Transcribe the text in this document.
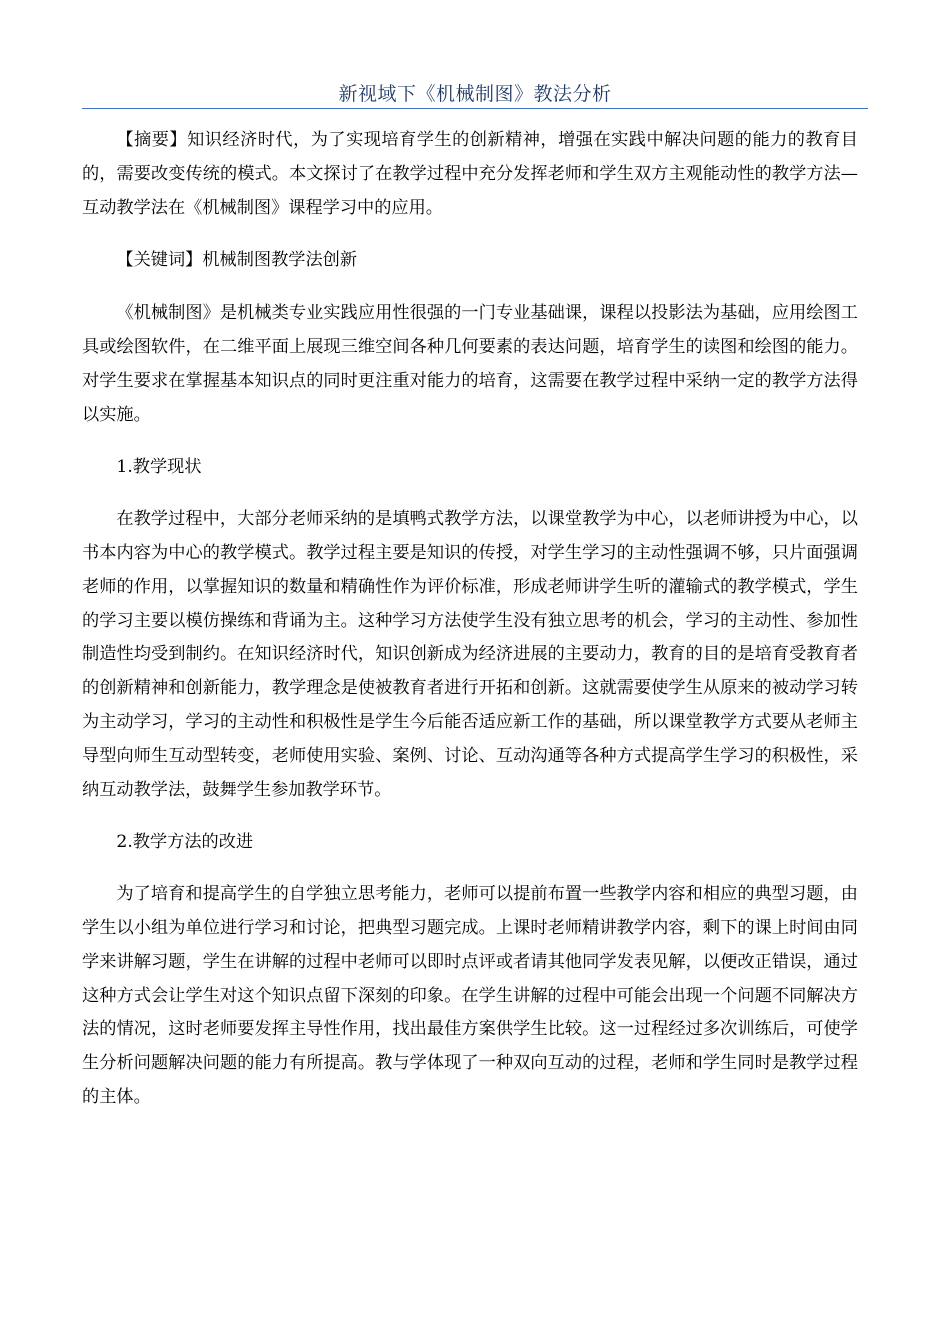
新视域下《机械制图》教法分析

【摘要】知识经济时代，为了实现培育学生的创新精神，增强在实践中解决问题的能力的教育目的，需要改变传统的模式。本文探讨了在教学过程中充分发挥老师和学生双方主观能动性的教学方法—互动教学法在《机械制图》课程学习中的应用。

【关键词】机械制图教学法创新

《机械制图》是机械类专业实践应用性很强的一门专业基础课，课程以投影法为基础，应用绘图工具或绘图软件，在二维平面上展现三维空间各种几何要素的表达问题，培育学生的读图和绘图的能力。对学生要求在掌握基本知识点的同时更注重对能力的培育，这需要在教学过程中采纳一定的教学方法得以实施。

1.教学现状

在教学过程中，大部分老师采纳的是填鸭式教学方法，以课堂教学为中心，以老师讲授为中心，以书本内容为中心的教学模式。教学过程主要是知识的传授，对学生学习的主动性强调不够，只片面强调老师的作用，以掌握知识的数量和精确性作为评价标准，形成老师讲学生听的灌输式的教学模式，学生的学习主要以模仿操练和背诵为主。这种学习方法使学生没有独立思考的机会，学习的主动性、参加性制造性均受到制约。在知识经济时代，知识创新成为经济进展的主要动力，教育的目的是培育受教育者的创新精神和创新能力，教学理念是使被教育者进行开拓和创新。这就需要使学生从原来的被动学习转为主动学习，学习的主动性和积极性是学生今后能否适应新工作的基础，所以课堂教学方式要从老师主导型向师生互动型转变，老师使用实验、案例、讨论、互动沟通等各种方式提高学生学习的积极性，采纳互动教学法，鼓舞学生参加教学环节。

2.教学方法的改进

为了培育和提高学生的自学独立思考能力，老师可以提前布置一些教学内容和相应的典型习题，由学生以小组为单位进行学习和讨论，把典型习题完成。上课时老师精讲教学内容，剩下的课上时间由同学来讲解习题，学生在讲解的过程中老师可以即时点评或者请其他同学发表见解，以便改正错误，通过这种方式会让学生对这个知识点留下深刻的印象。在学生讲解的过程中可能会出现一个问题不同解决方法的情况，这时老师要发挥主导性作用，找出最佳方案供学生比较。这一过程经过多次训练后，可使学生分析问题解决问题的能力有所提高。教与学体现了一种双向互动的过程，老师和学生同时是教学过程的主体。
